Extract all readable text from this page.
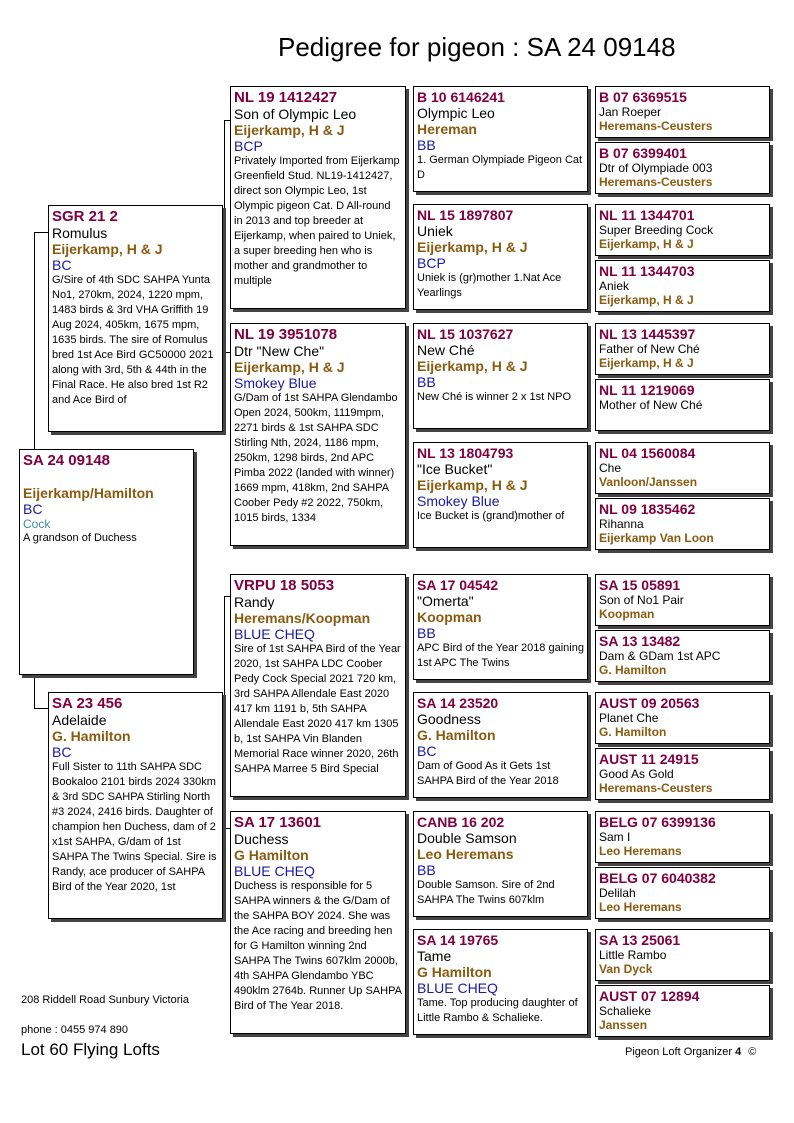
Pedigree for pigeon : SA 24 09148
SA 24 09148
Eijerkamp/Hamilton
BC
Cock
A grandson of Duchess
SGR 21 2
Romulus
Eijerkamp, H & J
BC
G/Sire of 4th SDC SAHPA Yunta No1, 270km, 2024, 1220 mpm, 1483 birds & 3rd VHA Griffith 19 Aug 2024, 405km, 1675 mpm, 1635 birds. The sire of Romulus bred 1st Ace Bird GC50000 2021 along with 3rd, 5th & 44th in the Final Race. He also bred 1st R2 and Ace Bird of
SA 23 456
Adelaide
G. Hamilton
BC
Full Sister to 11th SAHPA SDC Bookaloo 2101 birds 2024 330km & 3rd SDC SAHPA Stirling North #3 2024, 2416 birds. Daughter of champion hen Duchess, dam of 2 x1st SAHPA, G/dam of 1st SAHPA The Twins Special. Sire is Randy, ace producer of SAHPA Bird of the Year 2020, 1st
NL 19 1412427
Son of Olympic Leo
Eijerkamp, H & J
BCP
Privately Imported from Eijerkamp Greenfield Stud. NL19-1412427, direct son Olympic Leo, 1st Olympic pigeon Cat. D All-round in 2013 and top breeder at Eijerkamp, when paired to Uniek, a super breeding hen who is mother and grandmother to multiple
NL 19 3951078
Dtr "New Che"
Eijerkamp, H & J
Smokey Blue
G/Dam of 1st SAHPA Glendambo Open 2024, 500km, 1119mpm, 2271 birds & 1st SAHPA SDC Stirling Nth, 2024, 1186 mpm, 250km, 1298 birds, 2nd APC Pimba 2022 (landed with winner) 1669 mpm, 418km, 2nd SAHPA Coober Pedy #2 2022, 750km, 1015 birds, 1334
VRPU 18 5053
Randy
Heremans/Koopman
BLUE CHEQ
Sire of 1st SAHPA Bird of the Year 2020, 1st SAHPA LDC Coober Pedy Cock Special 2021 720 km, 3rd SAHPA Allendale East 2020 417 km 1191 b, 5th SAHPA Allendale East 2020 417 km 1305 b, 1st SAHPA Vin Blanden Memorial Race winner 2020, 26th SAHPA Marree 5 Bird Special
SA 17 13601
Duchess
G Hamilton
BLUE CHEQ
Duchess is responsible for 5 SAHPA winners & the G/Dam of the SAHPA BOY 2024. She was the Ace racing and breeding hen for G Hamilton winning 2nd SAHPA The Twins 607klm 2000b, 4th SAHPA Glendambo YBC 490klm 2764b. Runner Up SAHPA Bird of The Year 2018.
B 10 6146241
Olympic Leo
Hereman
BB
1. German Olympiade Pigeon Cat D
NL 15 1897807
Uniek
Eijerkamp, H & J
BCP
Uniek is (gr)mother 1.Nat Ace Yearlings
NL 15 1037627
New Ché
Eijerkamp, H & J
BB
New Ché is winner 2 x 1st NPO
NL 13 1804793
"Ice Bucket"
Eijerkamp, H & J
Smokey Blue
Ice Bucket is (grand)mother of
SA 17 04542
"Omerta"
Koopman
BB
APC Bird of the Year 2018 gaining 1st APC The Twins
SA 14 23520
Goodness
G. Hamilton
BC
Dam of Good As it Gets 1st SAHPA Bird of the Year 2018
CANB 16 202
Double Samson
Leo Heremans
BB
Double Samson. Sire of 2nd SAHPA The Twins 607klm
SA 14 19765
Tame
G Hamilton
BLUE CHEQ
Tame. Top producing daughter of Little Rambo & Schalieke.
B 07 6369515
Jan Roeper
Heremans-Ceusters
B 07 6399401
Dtr of Olympiade 003
Heremans-Ceusters
NL 11 1344701
Super Breeding Cock
Eijerkamp, H & J
NL 11 1344703
Aniek
Eijerkamp, H & J
NL 13 1445397
Father of New Ché
Eijerkamp, H & J
NL 11 1219069
Mother of New Ché
NL 04 1560084
Che
Vanloon/Janssen
NL 09 1835462
Rihanna
Eijerkamp Van Loon
SA 15 05891
Son of No1 Pair
Koopman
SA 13 13482
Dam & GDam 1st APC
G. Hamilton
AUST 09 20563
Planet Che
G. Hamilton
AUST 11 24915
Good As Gold
Heremans-Ceusters
BELG 07 6399136
Sam I
Leo Heremans
BELG 07 6040382
Delilah
Leo Heremans
SA 13 25061
Little Rambo
Van Dyck
AUST 07 12894
Schalieke
Janssen
208 Riddell Road Sunbury Victoria
phone : 0455 974 890
Lot 60 Flying Lofts	Pigeon Loft Organizer 4 ©
